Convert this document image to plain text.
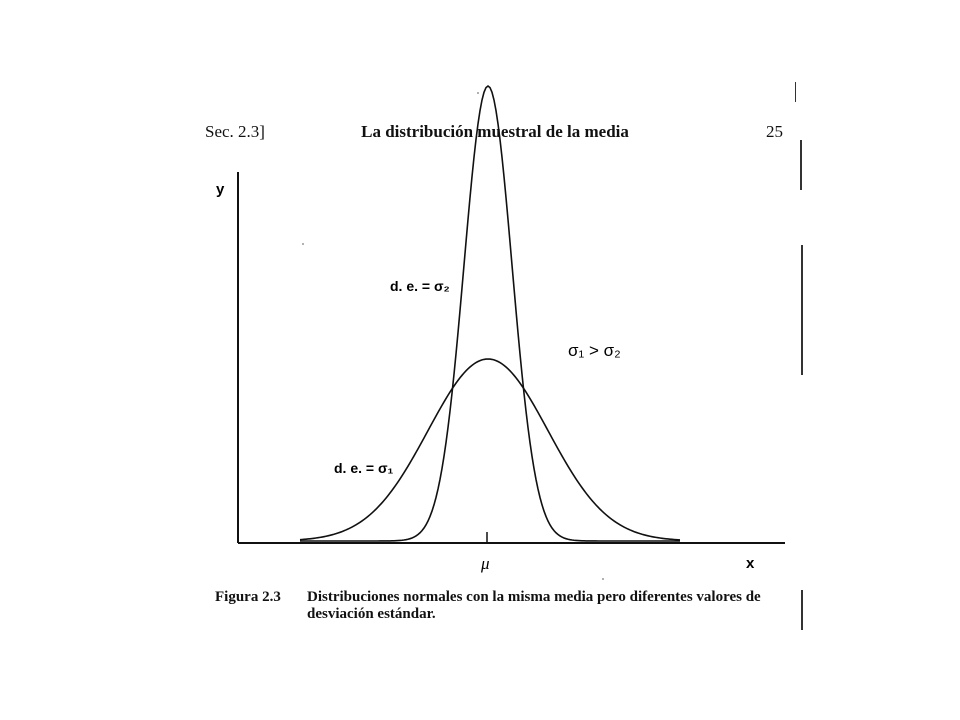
Sec. 2.3]	La distribución muestral de la media	25
y
x
μ
d. e. = σ₂
d. e. = σ₁
σ₁ > σ₂
Figura 2.3	Distribuciones normales con la misma media pero diferentes valores de desviación estándar.
